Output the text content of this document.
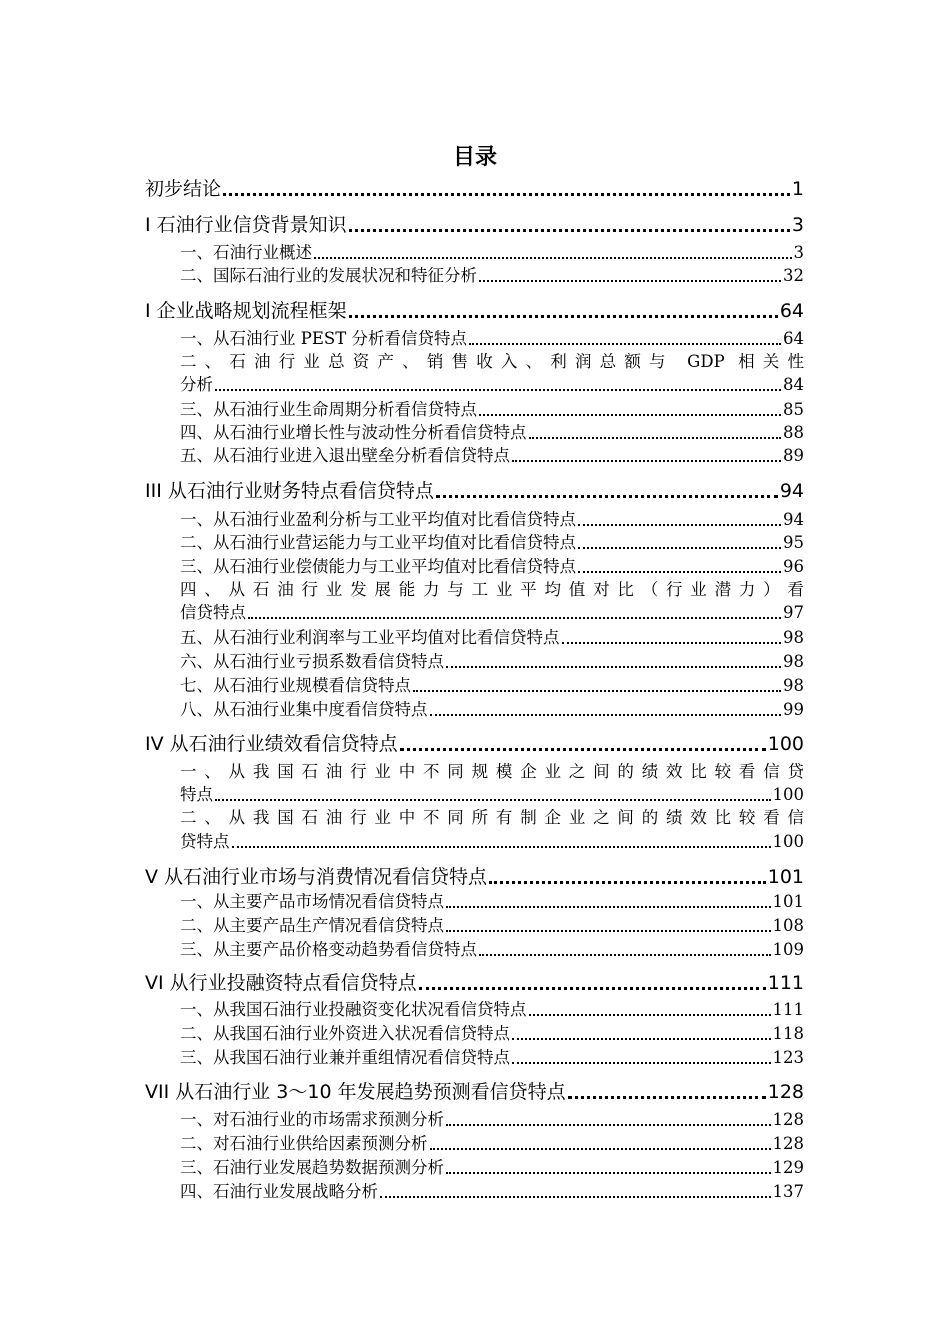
目录
初步结论	1
I 石油行业信贷背景知识	3
一、石油行业概述	3
二、国际石油行业的发展状况和特征分析	32
I 企业战略规划流程框架	64
一、从石油行业 PEST 分析看信贷特点	64
二、石油行业总资产、销售收入、利润总额与 GDP 相关性
分析	84
三、从石油行业生命周期分析看信贷特点	85
四、从石油行业增长性与波动性分析看信贷特点	88
五、从石油行业进入退出壁垒分析看信贷特点	89
III 从石油行业财务特点看信贷特点	94
一、从石油行业盈利分析与工业平均值对比看信贷特点	94
二、从石油行业营运能力与工业平均值对比看信贷特点	95
三、从石油行业偿债能力与工业平均值对比看信贷特点	96
四、从石油行业发展能力与工业平均值对比（行业潜力）看
信贷特点	97
五、从石油行业利润率与工业平均值对比看信贷特点	98
六、从石油行业亏损系数看信贷特点	98
七、从石油行业规模看信贷特点	98
八、从石油行业集中度看信贷特点	99
IV 从石油行业绩效看信贷特点	100
一、从我国石油行业中不同规模企业之间的绩效比较看信贷
特点	100
二、从我国石油行业中不同所有制企业之间的绩效比较看信
贷特点	100
V 从石油行业市场与消费情况看信贷特点	101
一、从主要产品市场情况看信贷特点	101
二、从主要产品生产情况看信贷特点	108
三、从主要产品价格变动趋势看信贷特点	109
VI 从行业投融资特点看信贷特点	111
一、从我国石油行业投融资变化状况看信贷特点	111
二、从我国石油行业外资进入状况看信贷特点	118
三、从我国石油行业兼并重组情况看信贷特点	123
VII 从石油行业 3～10 年发展趋势预测看信贷特点	128
一、对石油行业的市场需求预测分析	128
二、对石油行业供给因素预测分析	128
三、石油行业发展趋势数据预测分析	129
四、石油行业发展战略分析	137
